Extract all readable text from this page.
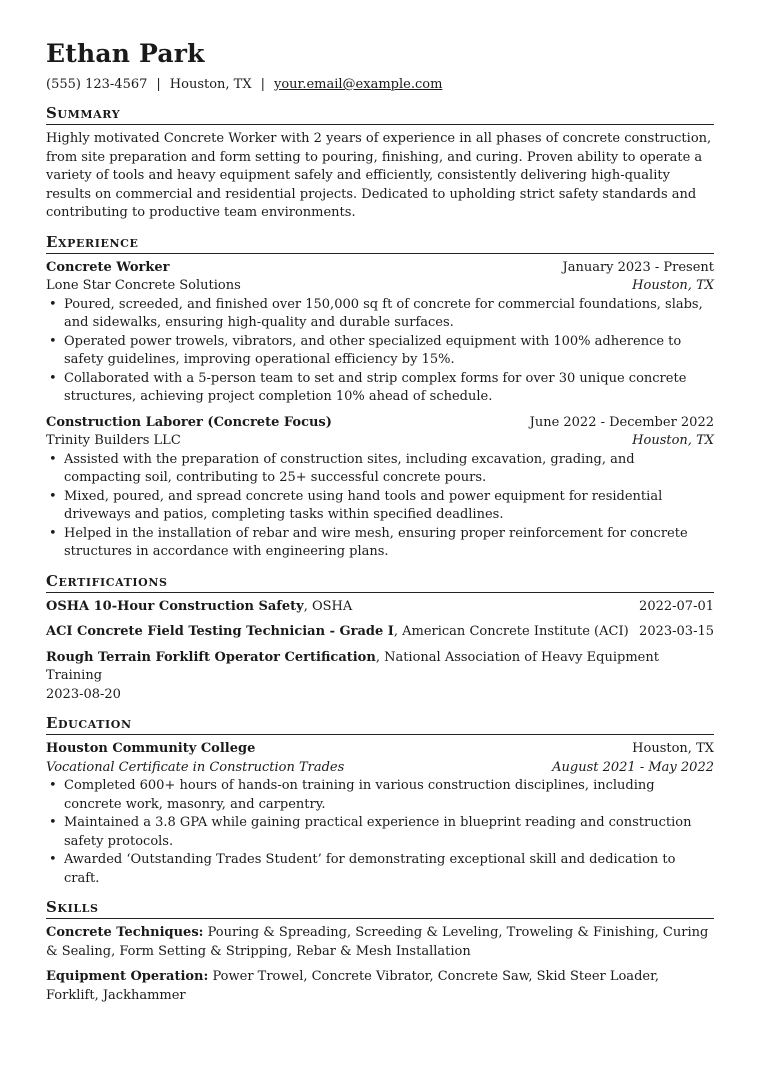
Ethan Park
(555) 123-4567 | Houston, TX | your.email@example.com
Summary

Highly motivated Concrete Worker with 2 years of experience in all phases of concrete construction, from site preparation and form setting to pouring, finishing, and curing. Proven ability to operate a variety of tools and heavy equipment safely and efficiently, consistently delivering high-quality results on commercial and residential projects. Dedicated to upholding strict safety standards and contributing to productive team environments.

Experience
Concrete Worker	January 2023 - Present
Lone Star Concrete Solutions	Houston, TX
• Poured, screeded, and finished over 150,000 sq ft of concrete for commercial foundations, slabs, and sidewalks, ensuring high-quality and durable surfaces.
• Operated power trowels, vibrators, and other specialized equipment with 100% adherence to safety guidelines, improving operational efficiency by 15%.
• Collaborated with a 5-person team to set and strip complex forms for over 30 unique concrete structures, achieving project completion 10% ahead of schedule.
Construction Laborer (Concrete Focus)	June 2022 - December 2022
Trinity Builders LLC	Houston, TX
• Assisted with the preparation of construction sites, including excavation, grading, and compacting soil, contributing to 25+ successful concrete pours.
• Mixed, poured, and spread concrete using hand tools and power equipment for residential driveways and patios, completing tasks within specified deadlines.
• Helped in the installation of rebar and wire mesh, ensuring proper reinforcement for concrete structures in accordance with engineering plans.
Certifications
OSHA 10-Hour Construction Safety, OSHA	2022-07-01
ACI Concrete Field Testing Technician - Grade I, American Concrete Institute (ACI) 2023-03-15
Rough Terrain Forklift Operator Certification, National Association of Heavy Equipment Training
2023-08-20
Education
Houston Community College	Houston, TX
Vocational Certificate in Construction Trades	August 2021 - May 2022
• Completed 600+ hours of hands-on training in various construction disciplines, including concrete work, masonry, and carpentry.
• Maintained a 3.8 GPA while gaining practical experience in blueprint reading and construction safety protocols.
• Awarded ‘Outstanding Trades Student’ for demonstrating exceptional skill and dedication to craft.
Skills
Concrete Techniques: Pouring & Spreading, Screeding & Leveling, Troweling & Finishing, Curing & Sealing, Form Setting & Stripping, Rebar & Mesh Installation
Equipment Operation: Power Trowel, Concrete Vibrator, Concrete Saw, Skid Steer Loader, Forklift, Jackhammer
